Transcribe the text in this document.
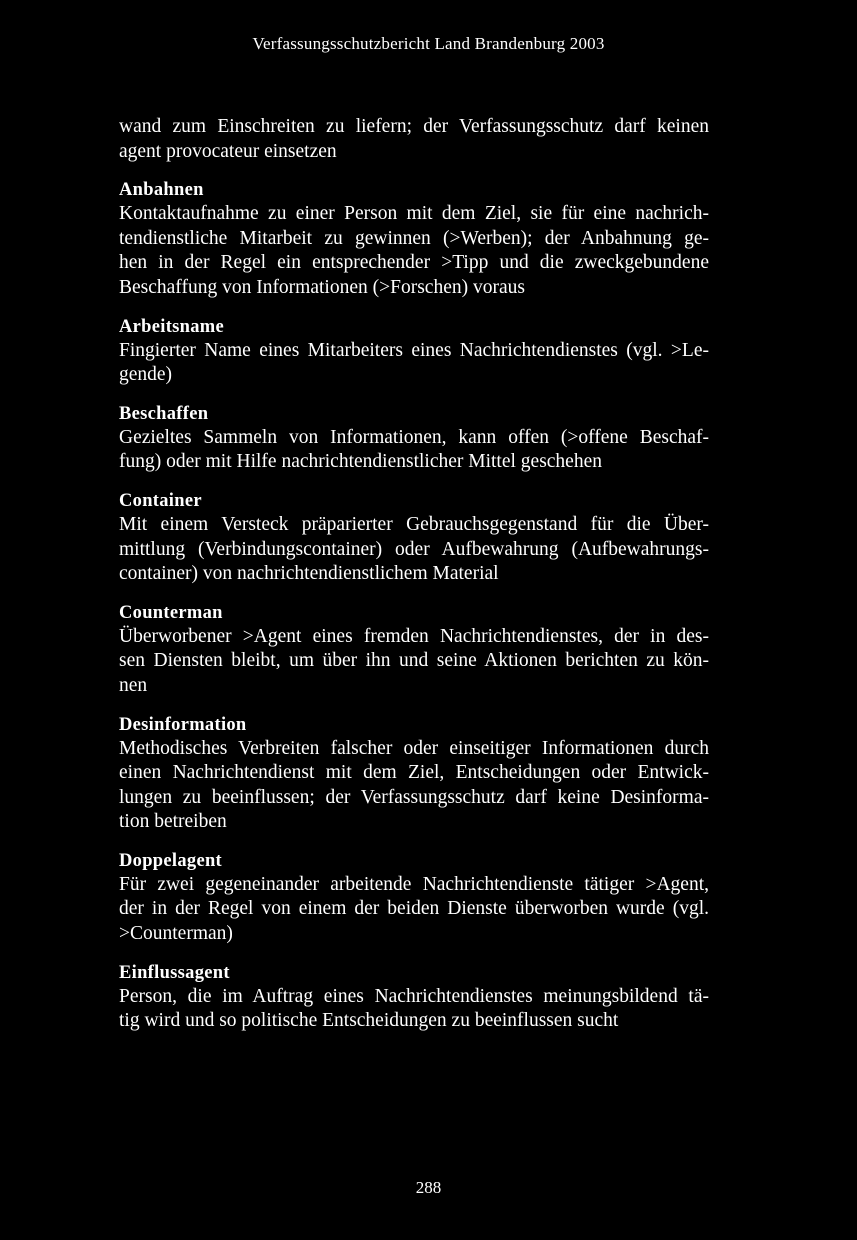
Verfassungsschutzbericht Land Brandenburg 2003

wand zum Einschreiten zu liefern; der Verfassungsschutz darf keinen
agent provocateur einsetzen

Anbahnen

Kontaktaufnahme zu einer Person mit dem Ziel, sie für eine nachrich-
tendienstliche Mitarbeit zu gewinnen (>Werben); der Anbahnung ge-
hen in der Regel ein entsprechender >Tipp und die zweckgebundene
Beschaffung von Informationen (>Forschen) voraus

Arbeitsname

Fingierter Name eines Mitarbeiters eines Nachrichtendienstes (vgl. >Le-
gende)

Beschaffen

Gezieltes Sammeln von Informationen, kann offen (>offene Beschaf-
fung) oder mit Hilfe nachrichtendienstlicher Mittel geschehen

Container

Mit einem Versteck präparierter Gebrauchsgegenstand für die Über-
mittlung (Verbindungscontainer) oder Aufbewahrung (Aufbewahrungs-
container) von nachrichtendienstlichem Material

Counterman

Überworbener >Agent eines fremden Nachrichtendienstes, der in des-
sen Diensten bleibt, um über ihn und seine Aktionen berichten zu kön-
nen

Desinformation

Methodisches Verbreiten falscher oder einseitiger Informationen durch
einen Nachrichtendienst mit dem Ziel, Entscheidungen oder Entwick-
lungen zu beeinflussen; der Verfassungsschutz darf keine Desinforma-
tion betreiben

Doppelagent

Für zwei gegeneinander arbeitende Nachrichtendienste tätiger >Agent,
der in der Regel von einem der beiden Dienste überworben wurde (vgl.
>Counterman)

Einflussagent

Person, die im Auftrag eines Nachrichtendienstes meinungsbildend tä-
tig wird und so politische Entscheidungen zu beeinflussen sucht

288
